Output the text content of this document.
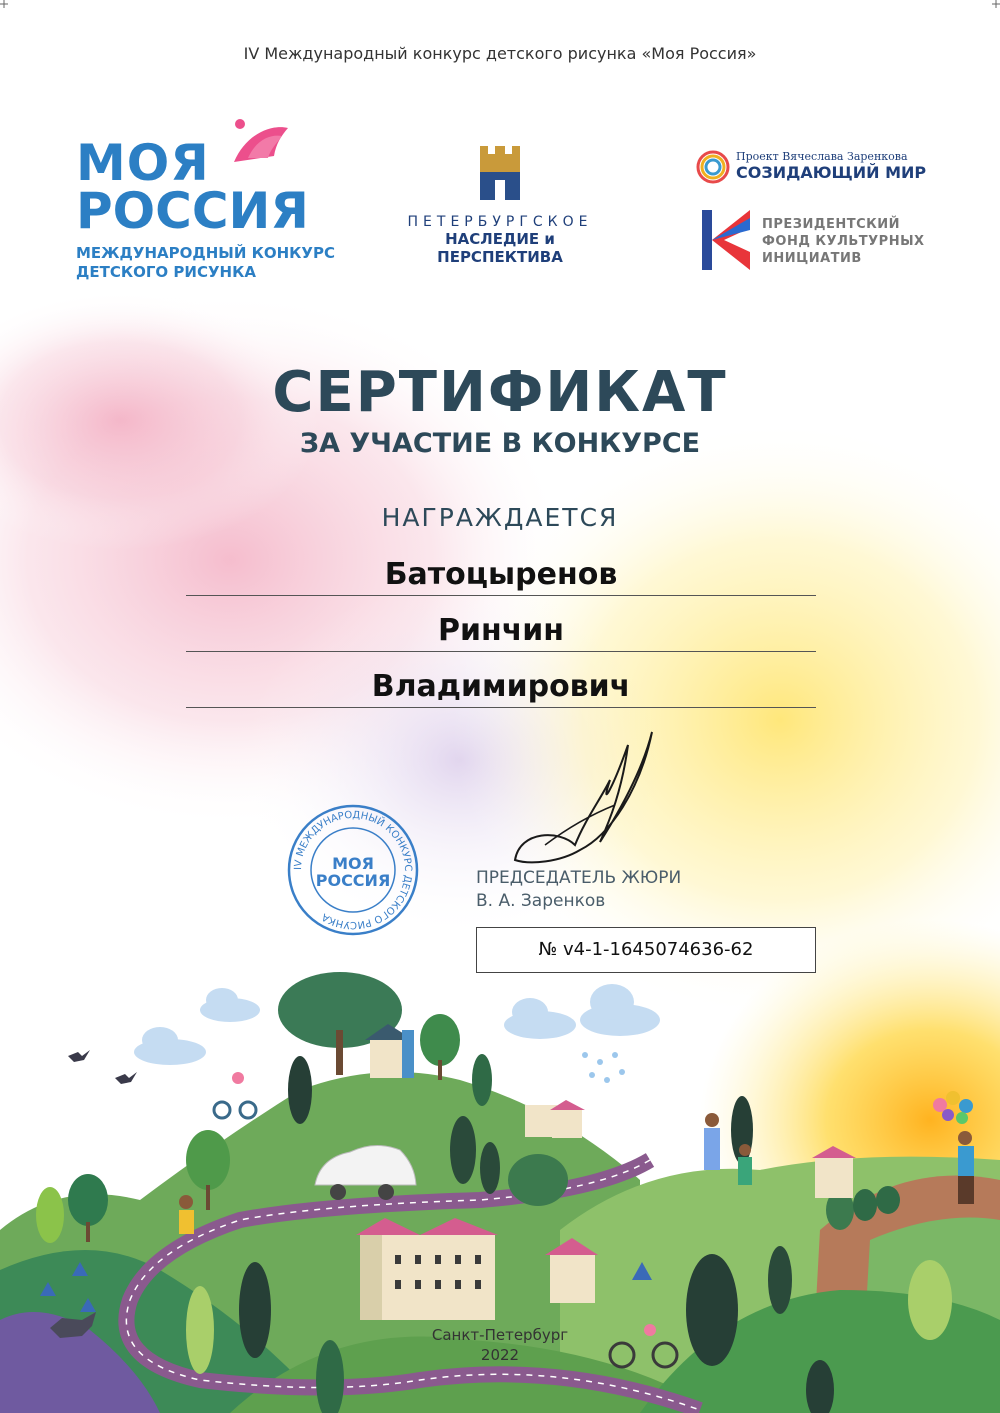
IV Международный конкурс детского рисунка «Моя Россия»
МОЯ
РОССИЯ
МЕЖДУНАРОДНЫЙ КОНКУРС
ДЕТСКОГО РИСУНКА
ПЕТЕРБУРГСКОЕ
НАСЛЕДИЕ и ПЕРСПЕКТИВА
Проект Вячеслава Заренкова
СОЗИДАЮЩИЙ МИР
ПРЕЗИДЕНТСКИЙ
ФОНД КУЛЬТУРНЫХ
ИНИЦИАТИВ
СЕРТИФИКАТ
ЗА УЧАСТИЕ В КОНКУРСЕ
НАГРАЖДАЕТСЯ
Батоцыренов
Ринчин
Владимирович
IV МЕЖДУНАРОДНЫЙ КОНКУРС ДЕТСКОГО РИСУНКА
МОЯ
РОССИЯ	ПРЕДСЕДАТЕЛЬ ЖЮРИ
В. А. Заренков
№ v4-1-1645074636-62
Санкт-Петербург
2022
